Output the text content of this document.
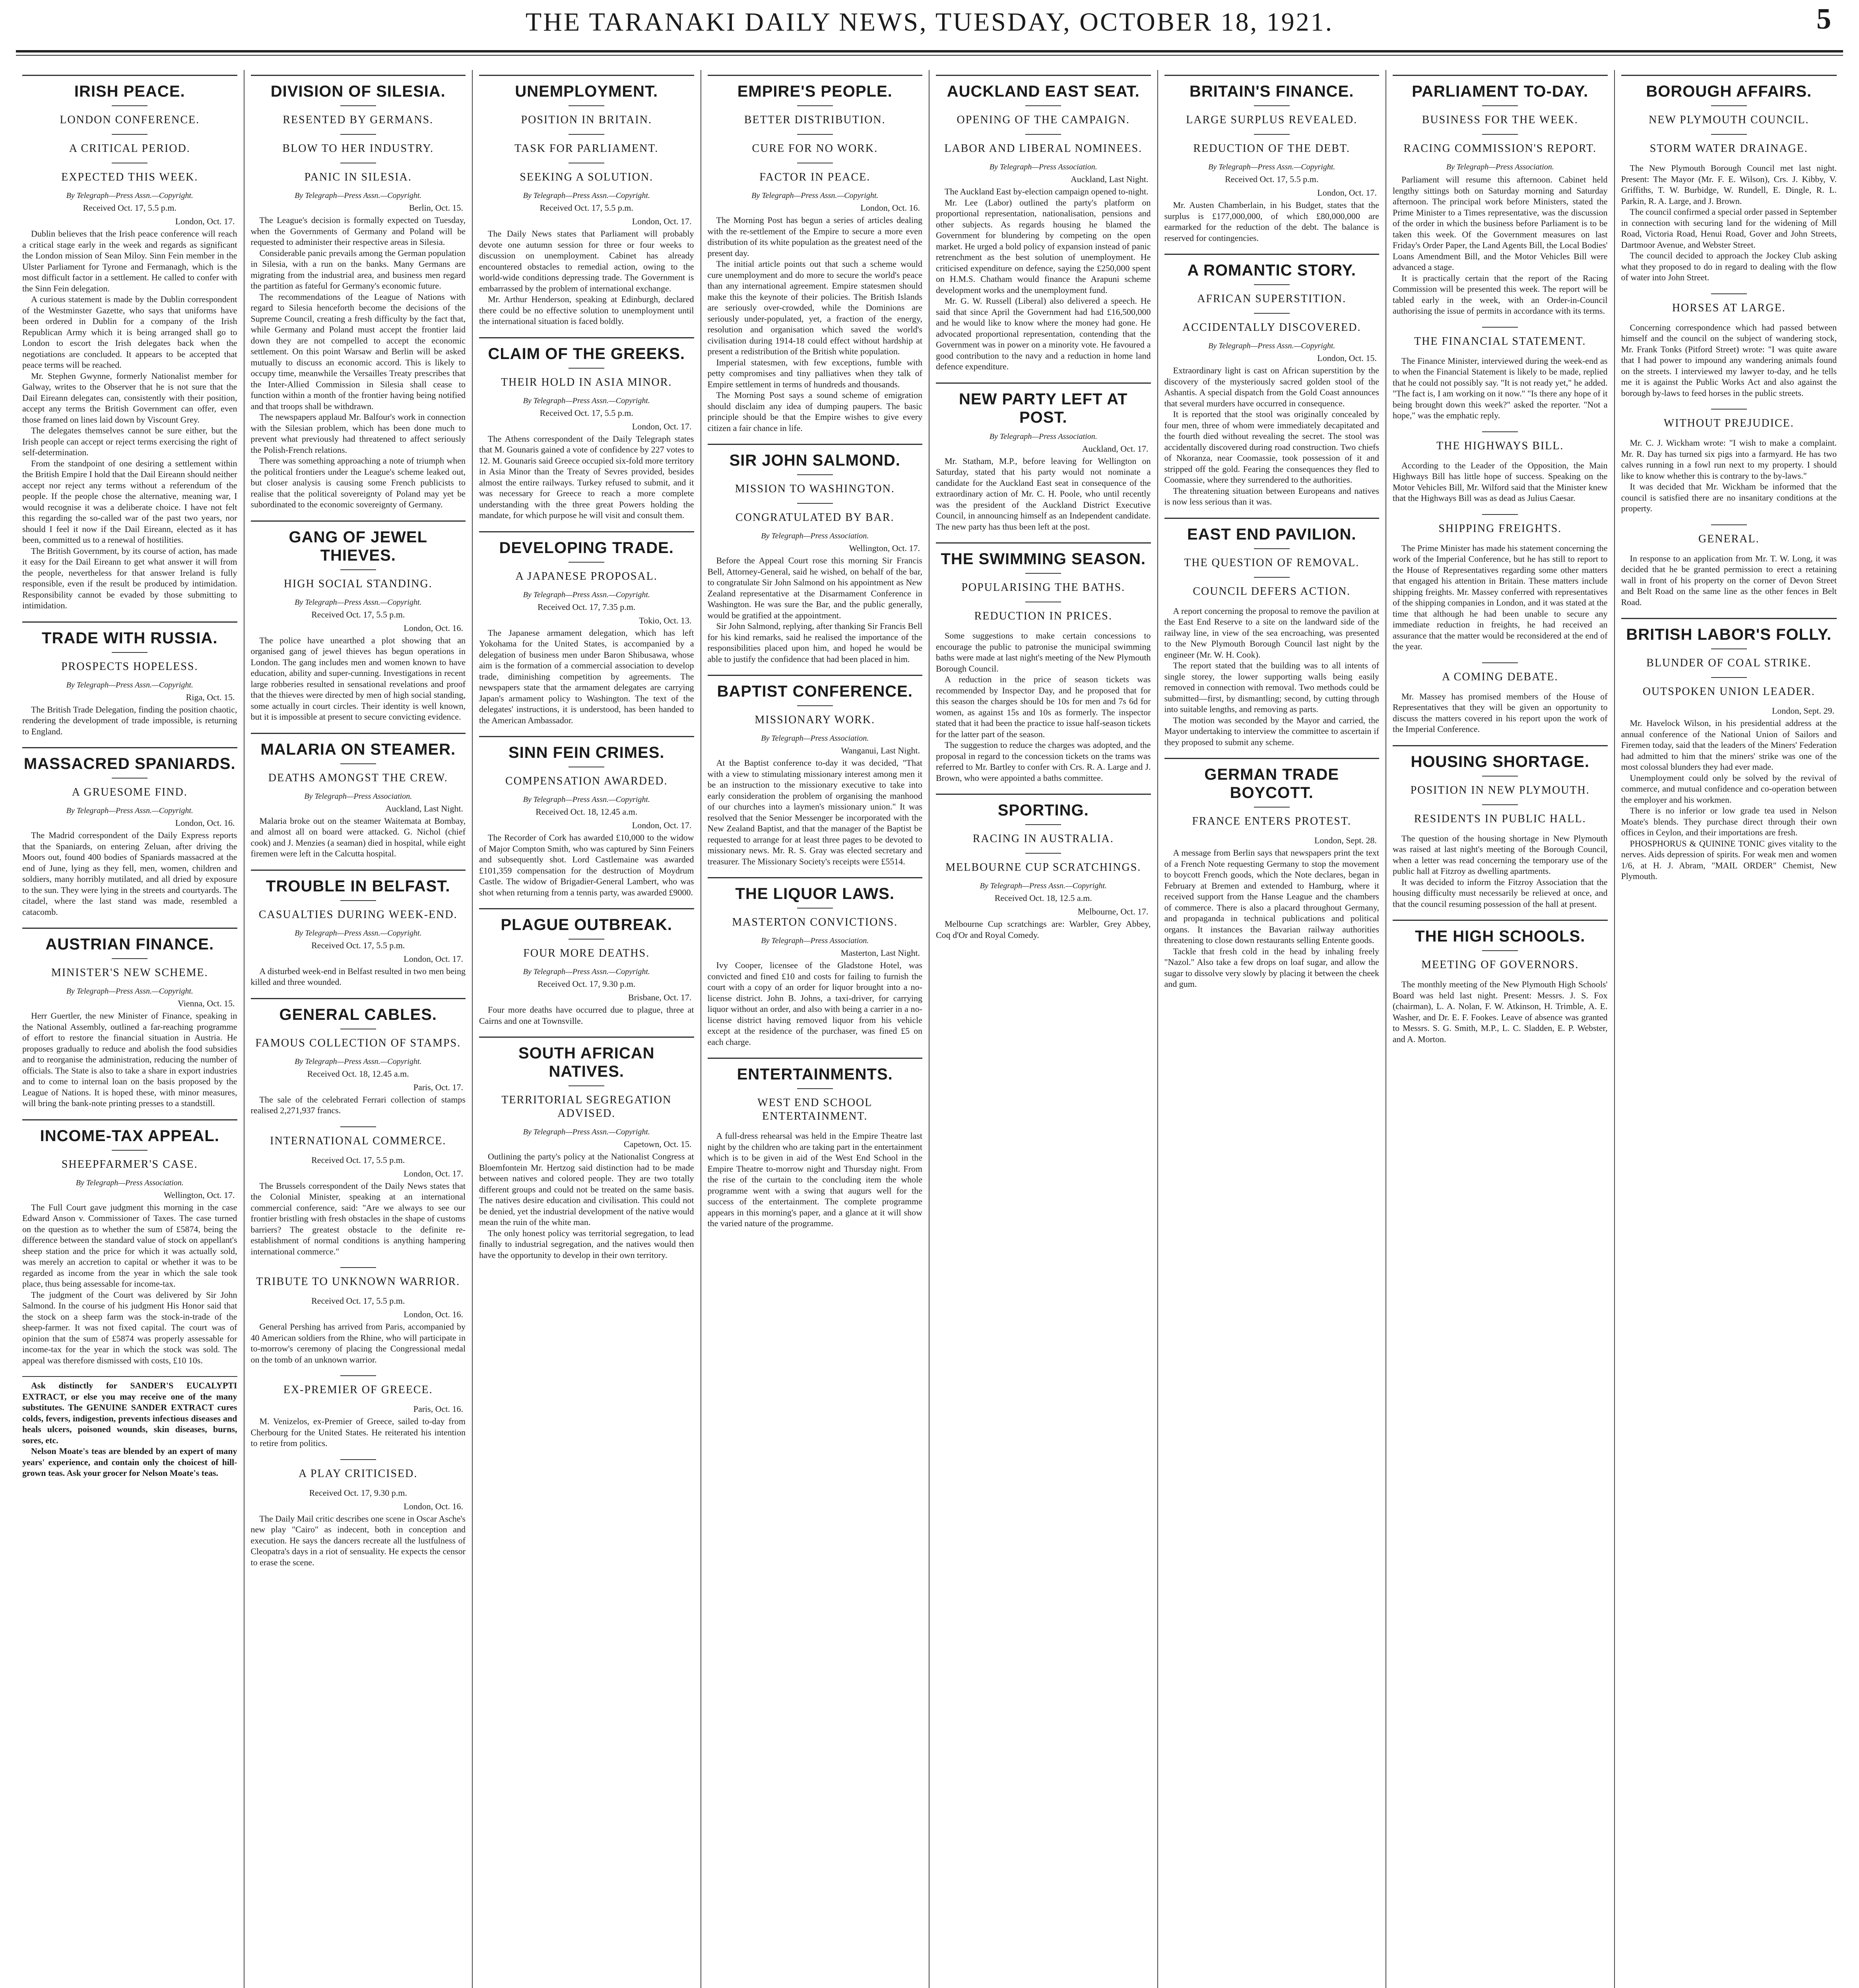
THE TARANAKI DAILY NEWS, TUESDAY, OCTOBER 18, 1921.	5
IRISH PEACE.
LONDON CONFERENCE.
A CRITICAL PERIOD.
EXPECTED THIS WEEK.
By Telegraph—Press Assn.—Copyright.
Received Oct. 17, 5.5 p.m.
London, Oct. 17.

Dublin believes that the Irish peace conference will reach a critical stage early in the week and regards as significant the London mission of Sean Miloy. Sinn Fein member in the Ulster Parliament for Tyrone and Fermanagh, which is the most difficult factor in a settlement. He called to confer with the Sinn Fein delegation.

A curious statement is made by the Dublin correspondent of the Westminster Gazette, who says that uniforms have been ordered in Dublin for a company of the Irish Republican Army which it is being arranged shall go to London to escort the Irish delegates back when the negotiations are concluded. It appears to be accepted that peace terms will be reached.

Mr. Stephen Gwynne, formerly Nationalist member for Galway, writes to the Observer that he is not sure that the Dail Eireann delegates can, consistently with their position, accept any terms the British Government can offer, even those framed on lines laid down by Viscount Grey.

The delegates themselves cannot be sure either, but the Irish people can accept or reject terms exercising the right of self-determination.

From the standpoint of one desiring a settlement within the British Empire I hold that the Dail Eireann should neither accept nor reject any terms without a referendum of the people. If the people chose the alternative, meaning war, I would recognise it was a deliberate choice. I have not felt this regarding the so-called war of the past two years, nor should I feel it now if the Dail Eireann, elected as it has been, committed us to a renewal of hostilities.

The British Government, by its course of action, has made it easy for the Dail Eireann to get what answer it will from the people, nevertheless for that answer Ireland is fully responsible, even if the result be produced by intimidation. Responsibility cannot be evaded by those submitting to intimidation.

TRADE WITH RUSSIA.
PROSPECTS HOPELESS.
By Telegraph—Press Assn.—Copyright.
Riga, Oct. 15.

The British Trade Delegation, finding the position chaotic, rendering the development of trade impossible, is returning to England.

MASSACRED SPANIARDS.
A GRUESOME FIND.
By Telegraph—Press Assn.—Copyright.
London, Oct. 16.

The Madrid correspondent of the Daily Express reports that the Spaniards, on entering Zeluan, after driving the Moors out, found 400 bodies of Spaniards massacred at the end of June, lying as they fell, men, women, children and soldiers, many horribly mutilated, and all dried by exposure to the sun. They were lying in the streets and courtyards. The citadel, where the last stand was made, resembled a catacomb.

AUSTRIAN FINANCE.
MINISTER'S NEW SCHEME.
By Telegraph—Press Assn.—Copyright.
Vienna, Oct. 15.

Herr Guertler, the new Minister of Finance, speaking in the National Assembly, outlined a far-reaching programme of effort to restore the financial situation in Austria. He proposes gradually to reduce and abolish the food subsidies and to reorganise the administration, reducing the number of officials. The State is also to take a share in export industries and to come to internal loan on the basis proposed by the League of Nations. It is hoped these, with minor measures, will bring the bank-note printing presses to a standstill.

INCOME-TAX APPEAL.
SHEEPFARMER'S CASE.
By Telegraph—Press Association.
Wellington, Oct. 17.

The Full Court gave judgment this morning in the case Edward Anson v. Commissioner of Taxes. The case turned on the question as to whether the sum of £5874, being the difference between the standard value of stock on appellant's sheep station and the price for which it was actually sold, was merely an accretion to capital or whether it was to be regarded as income from the year in which the sale took place, thus being assessable for income-tax.

The judgment of the Court was delivered by Sir John Salmond. In the course of his judgment His Honor said that the stock on a sheep farm was the stock-in-trade of the sheep-farmer. It was not fixed capital. The court was of opinion that the sum of £5874 was properly assessable for income-tax for the year in which the stock was sold. The appeal was therefore dismissed with costs, £10 10s.

Ask distinctly for SANDER'S EUCALYPTI EXTRACT, or else you may receive one of the many substitutes. The GENUINE SANDER EXTRACT cures colds, fevers, indigestion, prevents infectious diseases and heals ulcers, poisoned wounds, skin diseases, burns, sores, etc.

Nelson Moate's teas are blended by an expert of many years' experience, and contain only the choicest of hill-grown teas. Ask your grocer for Nelson Moate's teas.

DIVISION OF SILESIA.
RESENTED BY GERMANS.
BLOW TO HER INDUSTRY.
PANIC IN SILESIA.
By Telegraph—Press Assn.—Copyright.
Berlin, Oct. 15.

The League's decision is formally expected on Tuesday, when the Governments of Germany and Poland will be requested to administer their respective areas in Silesia.

Considerable panic prevails among the German population in Silesia, with a run on the banks. Many Germans are migrating from the industrial area, and business men regard the partition as fateful for Germany's economic future.

The recommendations of the League of Nations with regard to Silesia henceforth become the decisions of the Supreme Council, creating a fresh difficulty by the fact that, while Germany and Poland must accept the frontier laid down they are not compelled to accept the economic settlement. On this point Warsaw and Berlin will be asked mutually to discuss an economic accord. This is likely to occupy time, meanwhile the Versailles Treaty prescribes that the Inter-Allied Commission in Silesia shall cease to function within a month of the frontier having being notified and that troops shall be withdrawn.

The newspapers applaud Mr. Balfour's work in connection with the Silesian problem, which has been done much to prevent what previously had threatened to affect seriously the Polish-French relations.

There was something approaching a note of triumph when the political frontiers under the League's scheme leaked out, but closer analysis is causing some French publicists to realise that the political sovereignty of Poland may yet be subordinated to the economic sovereignty of Germany.

GANG OF JEWEL THIEVES.
HIGH SOCIAL STANDING.
By Telegraph—Press Assn.—Copyright.
Received Oct. 17, 5.5 p.m.
London, Oct. 16.

The police have unearthed a plot showing that an organised gang of jewel thieves has begun operations in London. The gang includes men and women known to have education, ability and super-cunning. Investigations in recent large robberies resulted in sensational revelations and proof that the thieves were directed by men of high social standing, some actually in court circles. Their identity is well known, but it is impossible at present to secure convicting evidence.

MALARIA ON STEAMER.
DEATHS AMONGST THE CREW.
By Telegraph—Press Association.
Auckland, Last Night.

Malaria broke out on the steamer Waitemata at Bombay, and almost all on board were attacked. G. Nichol (chief cook) and J. Menzies (a seaman) died in hospital, while eight firemen were left in the Calcutta hospital.

TROUBLE IN BELFAST.
CASUALTIES DURING WEEK-END.
By Telegraph—Press Assn.—Copyright.
Received Oct. 17, 5.5 p.m.
London, Oct. 17.

A disturbed week-end in Belfast resulted in two men being killed and three wounded.

GENERAL CABLES.
FAMOUS COLLECTION OF STAMPS.
By Telegraph—Press Assn.—Copyright.
Received Oct. 18, 12.45 a.m.
Paris, Oct. 17.

The sale of the celebrated Ferrari collection of stamps realised 2,271,937 francs.

INTERNATIONAL COMMERCE.
Received Oct. 17, 5.5 p.m.
London, Oct. 17.

The Brussels correspondent of the Daily News states that the Colonial Minister, speaking at an international commercial conference, said: "Are we always to see our frontier bristling with fresh obstacles in the shape of customs barriers? The greatest obstacle to the definite re-establishment of normal conditions is anything hampering international commerce."

TRIBUTE TO UNKNOWN WARRIOR.
Received Oct. 17, 5.5 p.m.
London, Oct. 16.

General Pershing has arrived from Paris, accompanied by 40 American soldiers from the Rhine, who will participate in to-morrow's ceremony of placing the Congressional medal on the tomb of an unknown warrior.

EX-PREMIER OF GREECE.
Paris, Oct. 16.

M. Venizelos, ex-Premier of Greece, sailed to-day from Cherbourg for the United States. He reiterated his intention to retire from politics.

A PLAY CRITICISED.
Received Oct. 17, 9.30 p.m.
London, Oct. 16.

The Daily Mail critic describes one scene in Oscar Asche's new play "Cairo" as indecent, both in conception and execution. He says the dancers recreate all the lustfulness of Cleopatra's days in a riot of sensuality. He expects the censor to erase the scene.

UNEMPLOYMENT.
POSITION IN BRITAIN.
TASK FOR PARLIAMENT.
SEEKING A SOLUTION.
By Telegraph—Press Assn.—Copyright.
Received Oct. 17, 5.5 p.m.
London, Oct. 17.

The Daily News states that Parliament will probably devote one autumn session for three or four weeks to discussion on unemployment. Cabinet has already encountered obstacles to remedial action, owing to the world-wide conditions depressing trade. The Government is embarrassed by the problem of international exchange.

Mr. Arthur Henderson, speaking at Edinburgh, declared there could be no effective solution to unemployment until the international situation is faced boldly.

CLAIM OF THE GREEKS.
THEIR HOLD IN ASIA MINOR.
By Telegraph—Press Assn.—Copyright.
Received Oct. 17, 5.5 p.m.
London, Oct. 17.

The Athens correspondent of the Daily Telegraph states that M. Gounaris gained a vote of confidence by 227 votes to 12. M. Gounaris said Greece occupied six-fold more territory in Asia Minor than the Treaty of Sevres provided, besides almost the entire railways. Turkey refused to submit, and it was necessary for Greece to reach a more complete understanding with the three great Powers holding the mandate, for which purpose he will visit and consult them.

DEVELOPING TRADE.
A JAPANESE PROPOSAL.
By Telegraph—Press Assn.—Copyright.
Received Oct. 17, 7.35 p.m.
Tokio, Oct. 13.

The Japanese armament delegation, which has left Yokohama for the United States, is accompanied by a delegation of business men under Baron Shibusawa, whose aim is the formation of a commercial association to develop trade, diminishing competition by agreements. The newspapers state that the armament delegates are carrying Japan's armament policy to Washington. The text of the delegates' instructions, it is understood, has been handed to the American Ambassador.

SINN FEIN CRIMES.
COMPENSATION AWARDED.
By Telegraph—Press Assn.—Copyright.
Received Oct. 18, 12.45 a.m.
London, Oct. 17.

The Recorder of Cork has awarded £10,000 to the widow of Major Compton Smith, who was captured by Sinn Feiners and subsequently shot. Lord Castlemaine was awarded £101,359 compensation for the destruction of Moydrum Castle. The widow of Brigadier-General Lambert, who was shot when returning from a tennis party, was awarded £9000.

PLAGUE OUTBREAK.
FOUR MORE DEATHS.
By Telegraph—Press Assn.—Copyright.
Received Oct. 17, 9.30 p.m.
Brisbane, Oct. 17.

Four more deaths have occurred due to plague, three at Cairns and one at Townsville.

SOUTH AFRICAN NATIVES.
TERRITORIAL SEGREGATION ADVISED.
By Telegraph—Press Assn.—Copyright.
Capetown, Oct. 15.

Outlining the party's policy at the Nationalist Congress at Bloemfontein Mr. Hertzog said distinction had to be made between natives and colored people. They are two totally different groups and could not be treated on the same basis. The natives desire education and civilisation. This could not be denied, yet the industrial development of the native would mean the ruin of the white man.

The only honest policy was territorial segregation, to lead finally to industrial segregation, and the natives would then have the opportunity to develop in their own territory.

EMPIRE'S PEOPLE.
BETTER DISTRIBUTION.
CURE FOR NO WORK.
FACTOR IN PEACE.
By Telegraph—Press Assn.—Copyright.
London, Oct. 16.

The Morning Post has begun a series of articles dealing with the re-settlement of the Empire to secure a more even distribution of its white population as the greatest need of the present day.

The initial article points out that such a scheme would cure unemployment and do more to secure the world's peace than any international agreement. Empire statesmen should make this the keynote of their policies. The British Islands are seriously over-crowded, while the Dominions are seriously under-populated, yet, a fraction of the energy, resolution and organisation which saved the world's civilisation during 1914-18 could effect without hardship at present a redistribution of the British white population.

Imperial statesmen, with few exceptions, fumble with petty compromises and tiny palliatives when they talk of Empire settlement in terms of hundreds and thousands.

The Morning Post says a sound scheme of emigration should disclaim any idea of dumping paupers. The basic principle should be that the Empire wishes to give every citizen a fair chance in life.

SIR JOHN SALMOND.
MISSION TO WASHINGTON.
CONGRATULATED BY BAR.
By Telegraph—Press Association.
Wellington, Oct. 17.

Before the Appeal Court rose this morning Sir Francis Bell, Attorney-General, said he wished, on behalf of the bar, to congratulate Sir John Salmond on his appointment as New Zealand representative at the Disarmament Conference in Washington. He was sure the Bar, and the public generally, would be gratified at the appointment.

Sir John Salmond, replying, after thanking Sir Francis Bell for his kind remarks, said he realised the importance of the responsibilities placed upon him, and hoped he would be able to justify the confidence that had been placed in him.

BAPTIST CONFERENCE.
MISSIONARY WORK.
By Telegraph—Press Association.
Wanganui, Last Night.

At the Baptist conference to-day it was decided, "That with a view to stimulating missionary interest among men it be an instruction to the missionary executive to take into early consideration the problem of organising the manhood of our churches into a laymen's missionary union." It was resolved that the Senior Messenger be incorporated with the New Zealand Baptist, and that the manager of the Baptist be requested to arrange for at least three pages to be devoted to missionary news. Mr. R. S. Gray was elected secretary and treasurer. The Missionary Society's receipts were £5514.

THE LIQUOR LAWS.
MASTERTON CONVICTIONS.
By Telegraph—Press Association.
Masterton, Last Night.

Ivy Cooper, licensee of the Gladstone Hotel, was convicted and fined £10 and costs for failing to furnish the court with a copy of an order for liquor brought into a no-license district. John B. Johns, a taxi-driver, for carrying liquor without an order, and also with being a carrier in a no-license district having removed liquor from his vehicle except at the residence of the purchaser, was fined £5 on each charge.

ENTERTAINMENTS.
WEST END SCHOOL ENTERTAINMENT.

A full-dress rehearsal was held in the Empire Theatre last night by the children who are taking part in the entertainment which is to be given in aid of the West End School in the Empire Theatre to-morrow night and Thursday night. From the rise of the curtain to the concluding item the whole programme went with a swing that augurs well for the success of the entertainment. The complete programme appears in this morning's paper, and a glance at it will show the varied nature of the programme.

AUCKLAND EAST SEAT.
OPENING OF THE CAMPAIGN.
LABOR AND LIBERAL NOMINEES.
By Telegraph—Press Association.
Auckland, Last Night.

The Auckland East by-election campaign opened to-night.

Mr. Lee (Labor) outlined the party's platform on proportional representation, nationalisation, pensions and other subjects. As regards housing he blamed the Government for blundering by competing on the open market. He urged a bold policy of expansion instead of panic retrenchment as the best solution of unemployment. He criticised expenditure on defence, saying the £250,000 spent on H.M.S. Chatham would finance the Arapuni scheme development works and the unemployment fund.

Mr. G. W. Russell (Liberal) also delivered a speech. He said that since April the Government had had £16,500,000 and he would like to know where the money had gone. He advocated proportional representation, contending that the Government was in power on a minority vote. He favoured a good contribution to the navy and a reduction in home land defence expenditure.

NEW PARTY LEFT AT POST.
By Telegraph—Press Association.
Auckland, Oct. 17.

Mr. Statham, M.P., before leaving for Wellington on Saturday, stated that his party would not nominate a candidate for the Auckland East seat in consequence of the extraordinary action of Mr. C. H. Poole, who until recently was the president of the Auckland District Executive Council, in announcing himself as an Independent candidate. The new party has thus been left at the post.

THE SWIMMING SEASON.
POPULARISING THE BATHS.
REDUCTION IN PRICES.

Some suggestions to make certain concessions to encourage the public to patronise the municipal swimming baths were made at last night's meeting of the New Plymouth Borough Council.

A reduction in the price of season tickets was recommended by Inspector Day, and he proposed that for this season the charges should be 10s for men and 7s 6d for women, as against 15s and 10s as formerly. The inspector stated that it had been the practice to issue half-season tickets for the latter part of the season.

The suggestion to reduce the charges was adopted, and the proposal in regard to the concession tickets on the trams was referred to Mr. Bartley to confer with Crs. R. A. Large and J. Brown, who were appointed a baths committee.

SPORTING.
RACING IN AUSTRALIA.
MELBOURNE CUP SCRATCHINGS.
By Telegraph—Press Assn.—Copyright.
Received Oct. 18, 12.5 a.m.
Melbourne, Oct. 17.

Melbourne Cup scratchings are: Warbler, Grey Abbey, Coq d'Or and Royal Comedy.

BRITAIN'S FINANCE.
LARGE SURPLUS REVEALED.
REDUCTION OF THE DEBT.
By Telegraph—Press Assn.—Copyright.
Received Oct. 17, 5.5 p.m.
London, Oct. 17.

Mr. Austen Chamberlain, in his Budget, states that the surplus is £177,000,000, of which £80,000,000 are earmarked for the reduction of the debt. The balance is reserved for contingencies.

A ROMANTIC STORY.
AFRICAN SUPERSTITION.
ACCIDENTALLY DISCOVERED.
By Telegraph—Press Assn.—Copyright.
London, Oct. 15.

Extraordinary light is cast on African superstition by the discovery of the mysteriously sacred golden stool of the Ashantis. A special dispatch from the Gold Coast announces that several murders have occurred in consequence.

It is reported that the stool was originally concealed by four men, three of whom were immediately decapitated and the fourth died without revealing the secret. The stool was accidentally discovered during road construction. Two chiefs of Nkoranza, near Coomassie, took possession of it and stripped off the gold. Fearing the consequences they fled to Coomassie, where they surrendered to the authorities.

The threatening situation between Europeans and natives is now less serious than it was.

EAST END PAVILION.
THE QUESTION OF REMOVAL.
COUNCIL DEFERS ACTION.

A report concerning the proposal to remove the pavilion at the East End Reserve to a site on the landward side of the railway line, in view of the sea encroaching, was presented to the New Plymouth Borough Council last night by the engineer (Mr. W. H. Cook).

The report stated that the building was to all intents of single storey, the lower supporting walls being easily removed in connection with removal. Two methods could be submitted—first, by dismantling; second, by cutting through into suitable lengths, and removing as parts.

The motion was seconded by the Mayor and carried, the Mayor undertaking to interview the committee to ascertain if they proposed to submit any scheme.

GERMAN TRADE BOYCOTT.
FRANCE ENTERS PROTEST.
London, Sept. 28.

A message from Berlin says that newspapers print the text of a French Note requesting Germany to stop the movement to boycott French goods, which the Note declares, began in February at Bremen and extended to Hamburg, where it received support from the Hanse League and the chambers of commerce. There is also a placard throughout Germany, and propaganda in technical publications and political organs. It instances the Bavarian railway authorities threatening to close down restaurants selling Entente goods.

Tackle that fresh cold in the head by inhaling freely "Nazol." Also take a few drops on loaf sugar, and allow the sugar to dissolve very slowly by placing it between the cheek and gum.

PARLIAMENT TO-DAY.
BUSINESS FOR THE WEEK.
RACING COMMISSION'S REPORT.
By Telegraph—Press Association.

Parliament will resume this afternoon. Cabinet held lengthy sittings both on Saturday morning and Saturday afternoon. The principal work before Ministers, stated the Prime Minister to a Times representative, was the discussion of the order in which the business before Parliament is to be taken this week. Of the Government measures on last Friday's Order Paper, the Land Agents Bill, the Local Bodies' Loans Amendment Bill, and the Motor Vehicles Bill were advanced a stage.

It is practically certain that the report of the Racing Commission will be presented this week. The report will be tabled early in the week, with an Order-in-Council authorising the issue of permits in accordance with its terms.

THE FINANCIAL STATEMENT.

The Finance Minister, interviewed during the week-end as to when the Financial Statement is likely to be made, replied that he could not possibly say. "It is not ready yet," he added. "The fact is, I am working on it now." "Is there any hope of it being brought down this week?" asked the reporter. "Not a hope," was the emphatic reply.

THE HIGHWAYS BILL.

According to the Leader of the Opposition, the Main Highways Bill has little hope of success. Speaking on the Motor Vehicles Bill, Mr. Wilford said that the Minister knew that the Highways Bill was as dead as Julius Caesar.

SHIPPING FREIGHTS.

The Prime Minister has made his statement concerning the work of the Imperial Conference, but he has still to report to the House of Representatives regarding some other matters that engaged his attention in Britain. These matters include shipping freights. Mr. Massey conferred with representatives of the shipping companies in London, and it was stated at the time that although he had been unable to secure any immediate reduction in freights, he had received an assurance that the matter would be reconsidered at the end of the year.

A COMING DEBATE.

Mr. Massey has promised members of the House of Representatives that they will be given an opportunity to discuss the matters covered in his report upon the work of the Imperial Conference.

HOUSING SHORTAGE.
POSITION IN NEW PLYMOUTH.
RESIDENTS IN PUBLIC HALL.

The question of the housing shortage in New Plymouth was raised at last night's meeting of the Borough Council, when a letter was read concerning the temporary use of the public hall at Fitzroy as dwelling apartments.

It was decided to inform the Fitzroy Association that the housing difficulty must necessarily be relieved at once, and that the council resuming possession of the hall at present.

THE HIGH SCHOOLS.
MEETING OF GOVERNORS.

The monthly meeting of the New Plymouth High Schools' Board was held last night. Present: Messrs. J. S. Fox (chairman), L. A. Nolan, F. W. Atkinson, H. Trimble, A. E. Washer, and Dr. E. F. Fookes. Leave of absence was granted to Messrs. S. G. Smith, M.P., L. C. Sladden, E. P. Webster, and A. Morton.

BOROUGH AFFAIRS.
NEW PLYMOUTH COUNCIL.
STORM WATER DRAINAGE.

The New Plymouth Borough Council met last night. Present: The Mayor (Mr. F. E. Wilson), Crs. J. Kibby, V. Griffiths, T. W. Burbidge, W. Rundell, E. Dingle, R. L. Parkin, R. A. Large, and J. Brown.

The council confirmed a special order passed in September in connection with securing land for the widening of Mill Road, Victoria Road, Henui Road, Gover and John Streets, Dartmoor Avenue, and Webster Street.

The council decided to approach the Jockey Club asking what they proposed to do in regard to dealing with the flow of water into John Street.

HORSES AT LARGE.

Concerning correspondence which had passed between himself and the council on the subject of wandering stock, Mr. Frank Tonks (Pitford Street) wrote: "I was quite aware that I had power to impound any wandering animals found on the streets. I interviewed my lawyer to-day, and he tells me it is against the Public Works Act and also against the borough by-laws to feed horses in the public streets.

WITHOUT PREJUDICE.

Mr. C. J. Wickham wrote: "I wish to make a complaint. Mr. R. Day has turned six pigs into a farmyard. He has two calves running in a fowl run next to my property. I should like to know whether this is contrary to the by-laws."

It was decided that Mr. Wickham be informed that the council is satisfied there are no insanitary conditions at the property.

GENERAL.

In response to an application from Mr. T. W. Long, it was decided that he be granted permission to erect a retaining wall in front of his property on the corner of Devon Street and Belt Road on the same line as the other fences in Belt Road.

BRITISH LABOR'S FOLLY.
BLUNDER OF COAL STRIKE.
OUTSPOKEN UNION LEADER.
London, Sept. 29.

Mr. Havelock Wilson, in his presidential address at the annual conference of the National Union of Sailors and Firemen today, said that the leaders of the Miners' Federation had admitted to him that the miners' strike was one of the most colossal blunders they had ever made.

Unemployment could only be solved by the revival of commerce, and mutual confidence and co-operation between the employer and his workmen.

There is no inferior or low grade tea used in Nelson Moate's blends. They purchase direct through their own offices in Ceylon, and their importations are fresh.

PHOSPHORUS & QUININE TONIC gives vitality to the nerves. Aids depression of spirits. For weak men and women 1/6, at H. J. Abram, "MAIL ORDER" Chemist, New Plymouth.
